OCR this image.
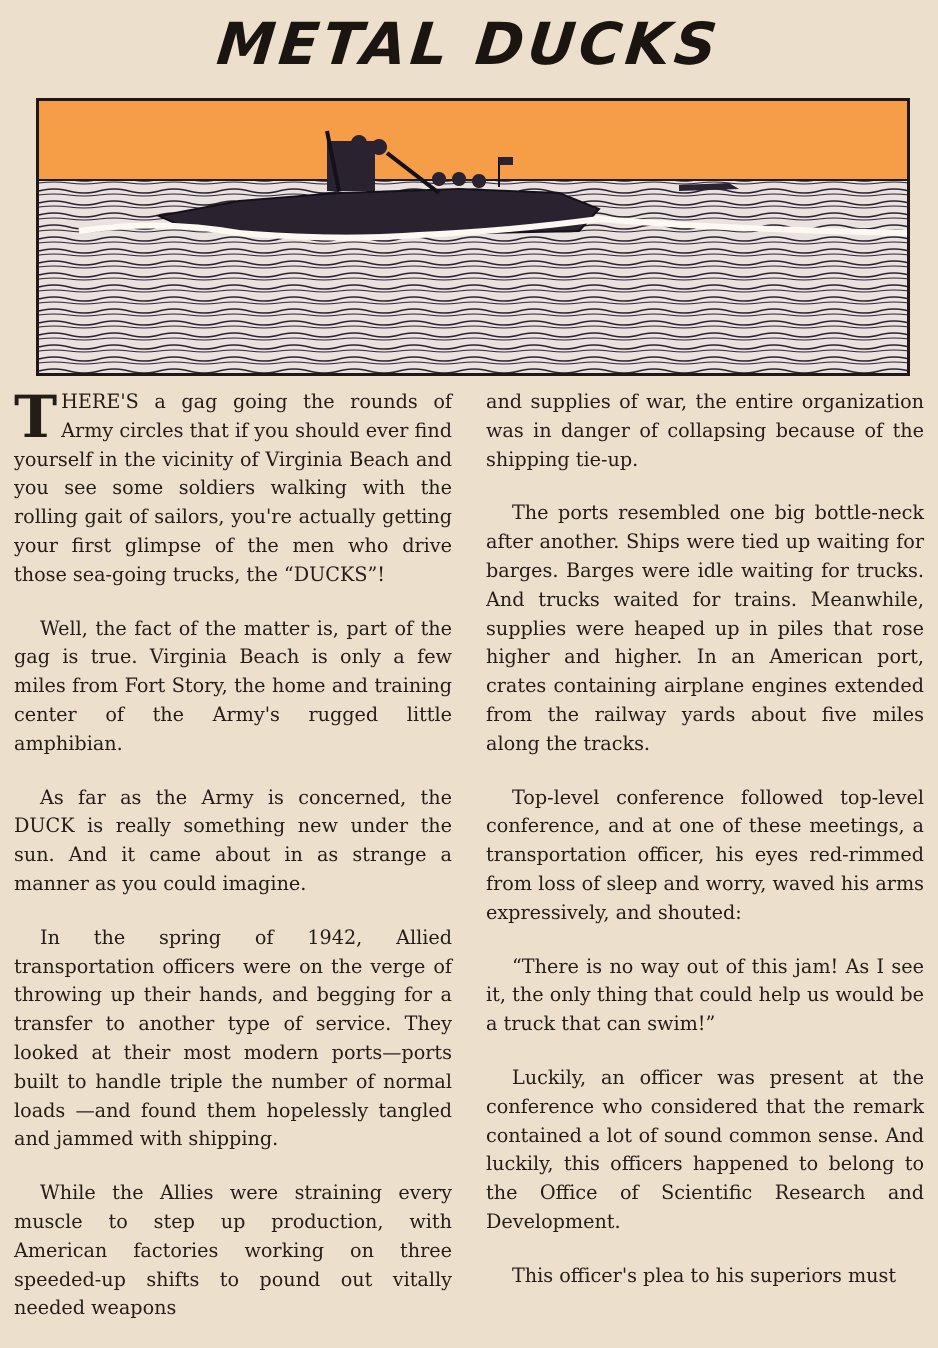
METAL DUCKS

THERE'S a gag going the rounds of Army circles that if you should ever find yourself in the vicinity of Virginia Beach and you see some soldiers walking with the rolling gait of sailors, you're actually getting your first glimpse of the men who drive those sea-going trucks, the “DUCKS”!

Well, the fact of the matter is, part of the gag is true. Virginia Beach is only a few miles from Fort Story, the home and training center of the Army's rugged little amphibian.

As far as the Army is concerned, the DUCK is really something new under the sun. And it came about in as strange a manner as you could imagine.

In the spring of 1942, Allied transportation officers were on the verge of throwing up their hands, and begging for a transfer to another type of service. They looked at their most modern ports—ports built to handle triple the number of normal loads —and found them hopelessly tangled and jammed with shipping.

While the Allies were straining every muscle to step up production, with American factories working on three speeded-up shifts to pound out vitally needed weapons

and supplies of war, the entire organization was in danger of collapsing because of the shipping tie-up.

The ports resembled one big bottle-neck after another. Ships were tied up waiting for barges. Barges were idle waiting for trucks. And trucks waited for trains. Meanwhile, supplies were heaped up in piles that rose higher and higher. In an American port, crates containing airplane engines extended from the railway yards about five miles along the tracks.

Top-level conference followed top-level conference, and at one of these meetings, a transportation officer, his eyes red-rimmed from loss of sleep and worry, waved his arms expressively, and shouted:

“There is no way out of this jam! As I see it, the only thing that could help us would be a truck that can swim!”

Luckily, an officer was present at the conference who considered that the remark contained a lot of sound common sense. And luckily, this officers happened to belong to the Office of Scientific Research and Development.

This officer's plea to his superiors must
